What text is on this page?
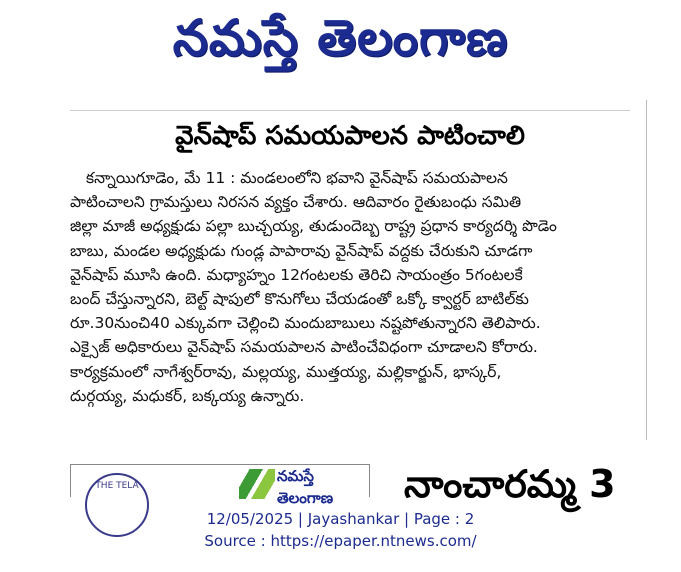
నమస్తే తెలంగాణ

వైన్‌షాప్ సమయపాలన పాటించాలి

కన్నాయిగూడెం, మే 11 : మండలంలోని భవాని వైన్‌షాప్ సమయపాలన

పాటించాలని గ్రామస్తులు నిరసన వ్యక్తం చేశారు. ఆదివారం రైతుబంధు సమితి

జిల్లా మాజీ అధ్యక్షుడు పల్లా బుచ్చయ్య, తుడుందెబ్బ రాష్ట్ర ప్రధాన కార్యదర్శి పొడెం

బాబు, మండల అధ్యక్షుడు గుండ్ల పాపారావు వైన్‌షాప్ వద్దకు చేరుకుని చూడగా

వైన్‌షాప్ మూసి ఉంది. మధ్యాహ్నం 12గంటలకు తెరిచి సాయంత్రం 5గంటలకే

బంద్ చేస్తున్నారని, బెల్ట్ షాపులో కొనుగోలు చేయడంతో ఒక్కో క్వార్టర్ బాటిల్‌కు

రూ.30నుంచి40 ఎక్కువగా చెల్లించి మందుబాబులు నష్టపోతున్నారని తెలిపారు.

ఎక్సైజ్ అధికారులు వైన్‌షాప్ సమయపాలన పాటించేవిధంగా చూడాలని కోరారు.

కార్యక్రమంలో నాగేశ్వర్‌రావు, మల్లయ్య, ముత్తయ్య, మల్లికార్జున్, భాస్కర్,

దుర్గయ్య, మధుకర్, బక్కయ్య ఉన్నారు.

THE TELA
నమస్తే తెలంగాణ	నాంచారమ్మ 3
12/05/2025 | Jayashankar | Page : 2
Source : https://epaper.ntnews.com/
